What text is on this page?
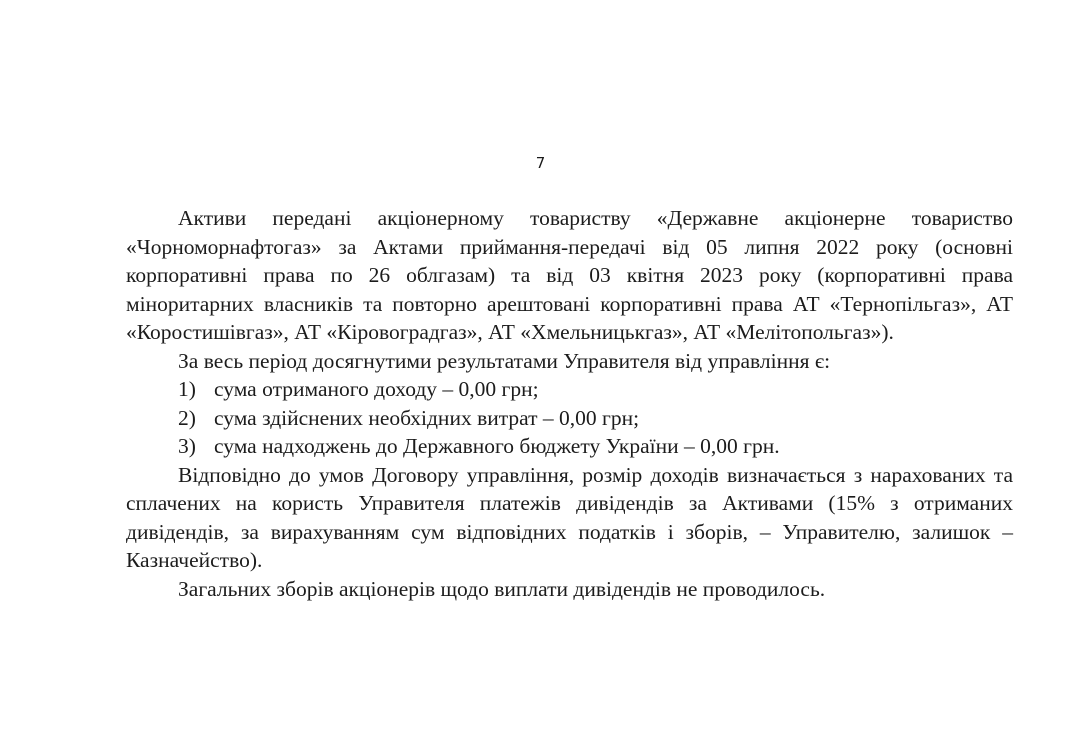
7

Активи передані акціонерному товариству «Державне акціонерне товариство «Чорноморнафтогаз» за Актами приймання-передачі від 05 липня 2022 року (основні корпоративні права по 26 облгазам) та від 03 квітня 2023 року (корпоративні права міноритарних власників та повторно арештовані корпоративні права АТ «Тернопільгаз», АТ «Коростишівгаз», АТ «Кіровоградгаз», АТ «Хмельницькгаз», АТ «Мелітопольгаз»).

За весь період досягнутими результатами Управителя від управління є:

1) сума отриманого доходу – 0,00 грн;
2) сума здійснених необхідних витрат – 0,00 грн;
3) сума надходжень до Державного бюджету України – 0,00 грн.

Відповідно до умов Договору управління, розмір доходів визначається з нарахованих та сплачених на користь Управителя платежів дивідендів за Активами (15% з отриманих дивідендів, за вирахуванням сум відповідних податків і зборів, – Управителю, залишок – Казначейство).

Загальних зборів акціонерів щодо виплати дивідендів не проводилось.
